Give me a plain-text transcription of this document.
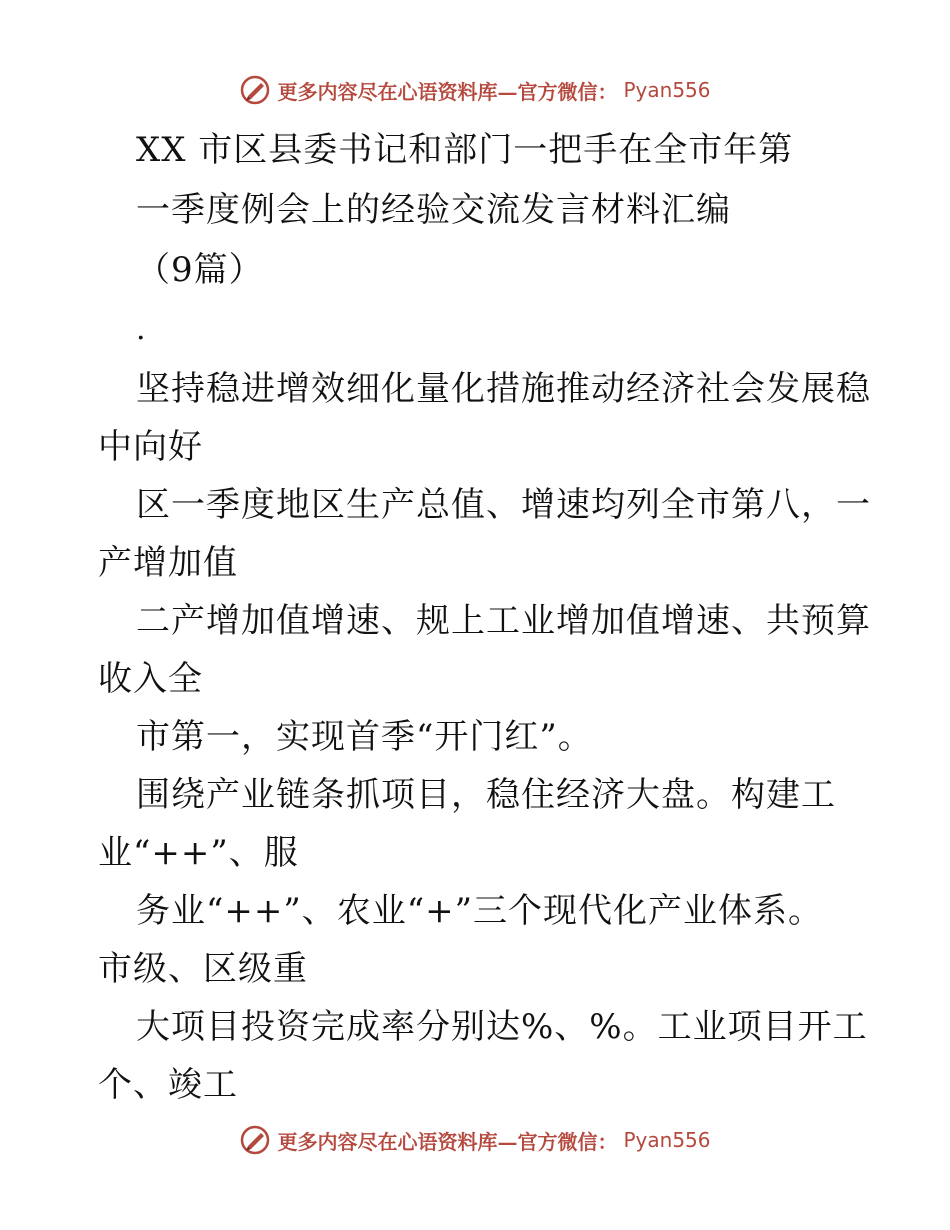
更多内容尽在心语资料库—官方微信： Pyan556
XX 市区县委书记和部门一把手在全市年第
一季度例会上的经验交流发言材料汇编
（9篇）
.
坚持稳进增效细化量化措施推动经济社会发展稳
中向好
区一季度地区生产总值、增速均列全市第八，一
产增加值
二产增加值增速、规上工业增加值增速、共预算
收入全
市第一，实现首季“开门红”。
围绕产业链条抓项目，稳住经济大盘。构建工
业“++”、服
务业“++”、农业“+”三个现代化产业体系。
市级、区级重
大项目投资完成率分别达%、%。工业项目开工
个、竣工
更多内容尽在心语资料库—官方微信： Pyan556
